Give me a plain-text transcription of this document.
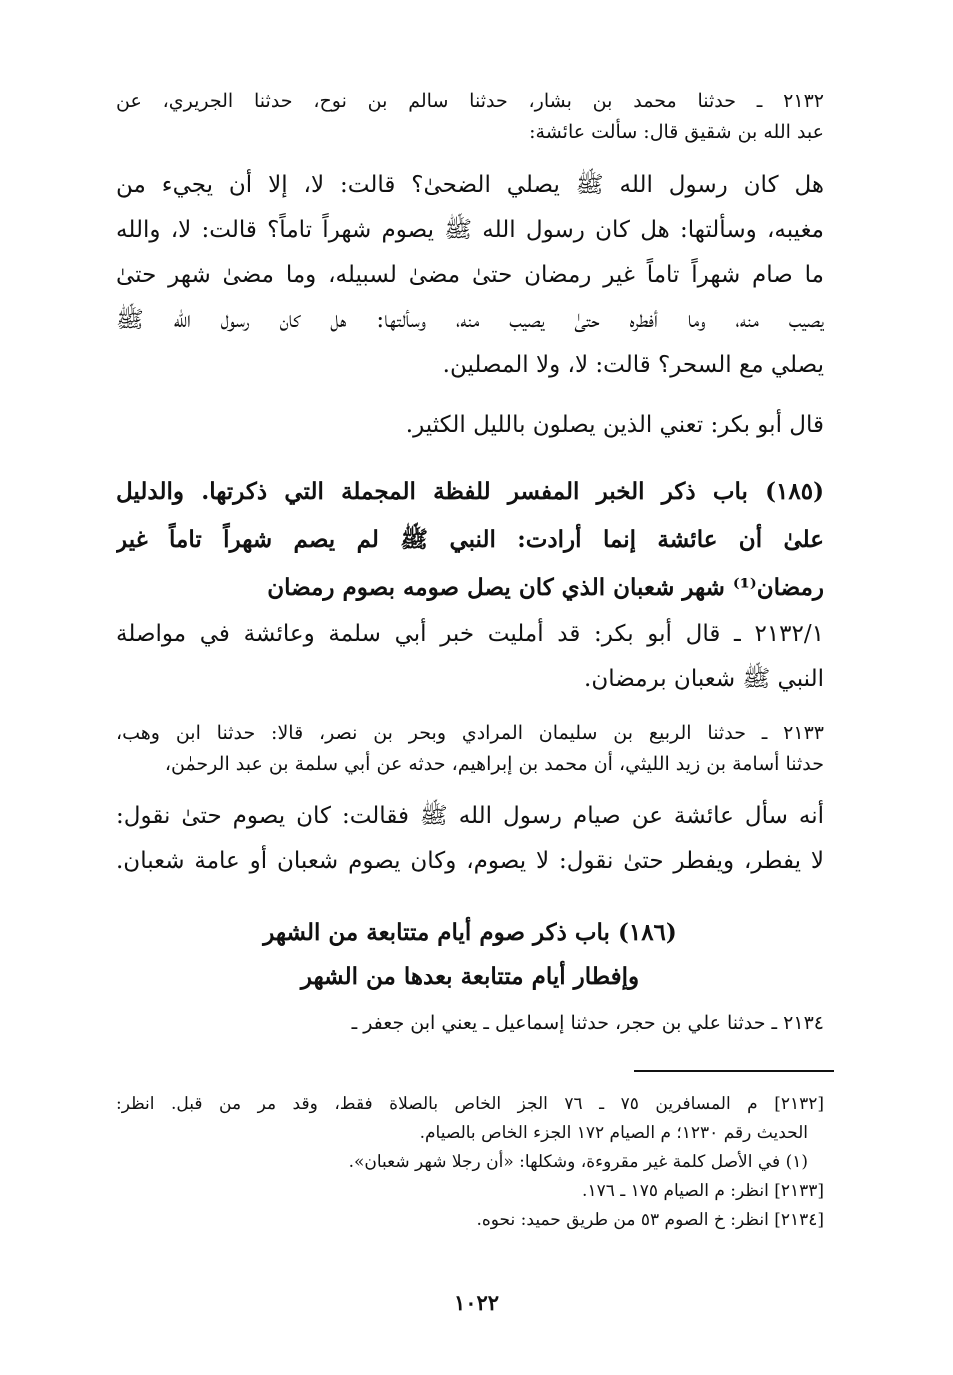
٢١٣٢ ـ حدثنا محمد بن بشار، حدثنا سالم بن نوح، حدثنا الجريري، عن
عبد الله بن شقيق قال: سألت عائشة:
هل كان رسول الله ﷺ يصلي الضحىٰ؟ قالت: لا، إلا أن يجيء من
مغيبه، وسألتها: هل كان رسول الله ﷺ يصوم شهراً تاماً؟ قالت: لا، والله
ما صام شهراً تاماً غير رمضان حتىٰ مضىٰ لسبيله، وما مضىٰ شهر حتىٰ
يصيب منه، وما أفطره حتىٰ يصيب منه، وسألتها: هل كان رسول الله ﷺ
يصلي مع السحر؟ قالت: لا، ولا المصلين.
قال أبو بكر: تعني الذين يصلون بالليل الكثير.
(١٨٥) باب ذكر الخبر المفسر للفظة المجملة التي ذكرتها. والدليل
علىٰ أن عائشة إنما أرادت: النبي ﷺ لم يصم شهراً تاماً غير
رمضان⁽¹⁾ شهر شعبان الذي كان يصل صومه بصوم رمضان
٢١٣٢/١ ـ قال أبو بكر: قد أمليت خبر أبي سلمة وعائشة في مواصلة
النبي ﷺ شعبان برمضان.
٢١٣٣ ـ حدثنا الربيع بن سليمان المرادي وبحر بن نصر، قالا: حدثنا ابن وهب،
حدثنا أسامة بن زيد الليثي، أن محمد بن إبراهيم، حدثه عن أبي سلمة بن عبد الرحمٰن،
أنه سأل عائشة عن صيام رسول الله ﷺ فقالت: كان يصوم حتىٰ نقول:
لا يفطر، ويفطر حتىٰ نقول: لا يصوم، وكان يصوم شعبان أو عامة شعبان.
(١٨٦) باب ذكر صوم أيام متتابعة من الشهر
وإفطار أيام متتابعة بعدها من الشهر
٢١٣٤ ـ حدثنا علي بن حجر، حدثنا إسماعيل ـ يعني ابن جعفر ـ
[٢١٣٢] م المسافرين ٧٥ ـ ٧٦ الجز الخاص بالصلاة فقط، وقد مر من قبل. انظر:
الحديث رقم ١٢٣٠؛ م الصيام ١٧٢ الجزء الخاص بالصيام.
(١) في الأصل كلمة غير مقروءة، وشكلها: «أن رجلا شهر شعبان».
[٢١٣٣] انظر: م الصيام ١٧٥ ـ ١٧٦.
[٢١٣٤] انظر: خ الصوم ٥٣ من طريق حميد: نحوه.
١٠٢٢
